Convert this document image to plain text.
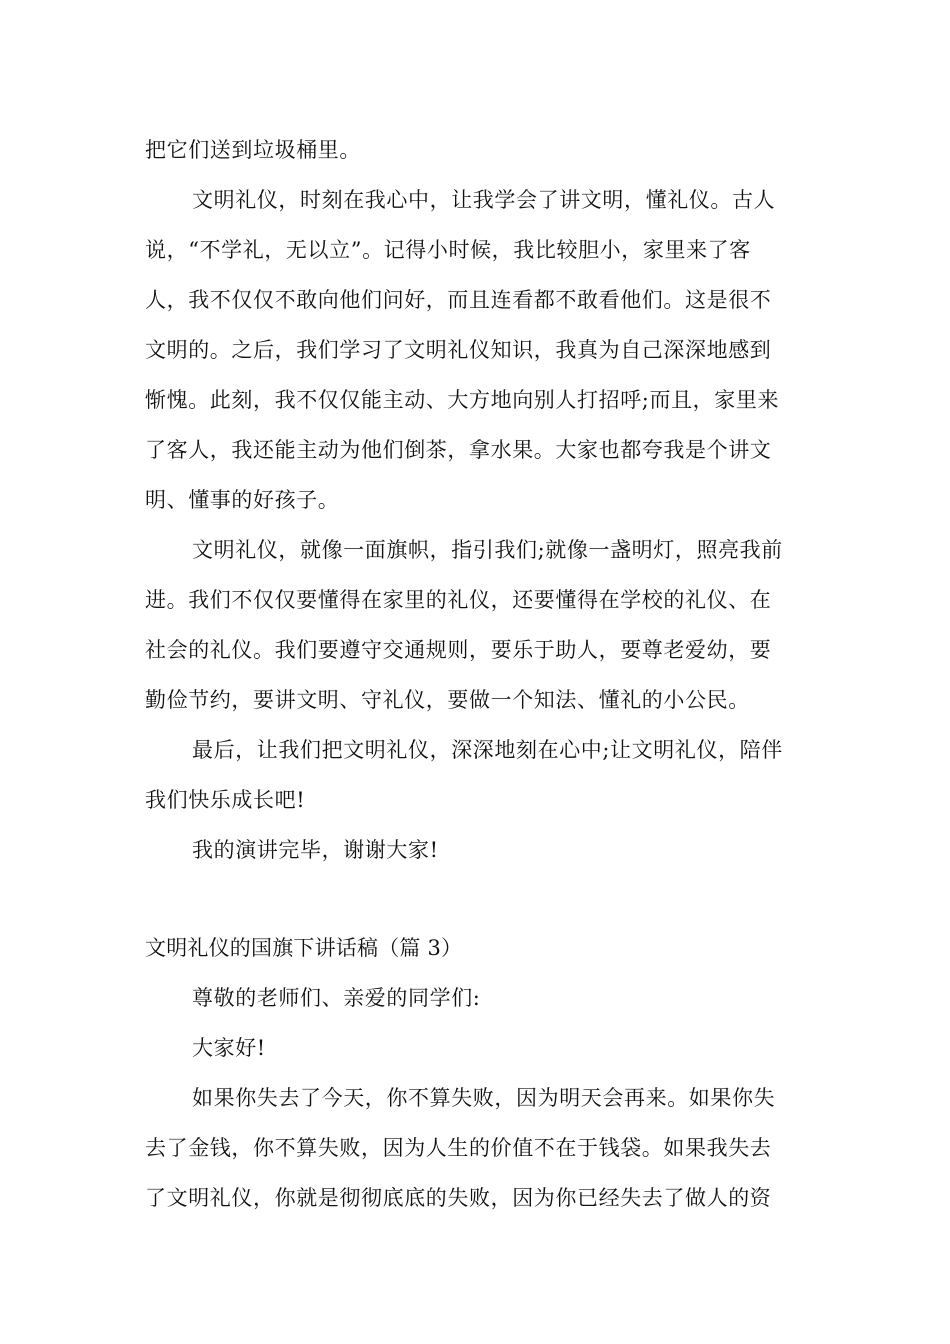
把它们送到垃圾桶里。

文明礼仪，时刻在我心中，让我学会了讲文明，懂礼仪。古人

说，“不学礼，无以立”。记得小时候，我比较胆小，家里来了客

人，我不仅仅不敢向他们问好，而且连看都不敢看他们。这是很不

文明的。之后，我们学习了文明礼仪知识，我真为自己深深地感到

惭愧。此刻，我不仅仅能主动、大方地向别人打招呼;而且，家里来

了客人，我还能主动为他们倒茶，拿水果。大家也都夸我是个讲文

明、懂事的好孩子。

文明礼仪，就像一面旗帜，指引我们;就像一盏明灯，照亮我前

进。我们不仅仅要懂得在家里的礼仪，还要懂得在学校的礼仪、在

社会的礼仪。我们要遵守交通规则，要乐于助人，要尊老爱幼，要

勤俭节约，要讲文明、守礼仪，要做一个知法、懂礼的小公民。

最后，让我们把文明礼仪，深深地刻在心中;让文明礼仪，陪伴

我们快乐成长吧!

我的演讲完毕，谢谢大家!

文明礼仪的国旗下讲话稿（篇 3）

尊敬的老师们、亲爱的同学们:

大家好!

如果你失去了今天，你不算失败，因为明天会再来。如果你失

去了金钱，你不算失败，因为人生的价值不在于钱袋。如果我失去

了文明礼仪，你就是彻彻底底的失败，因为你已经失去了做人的资
